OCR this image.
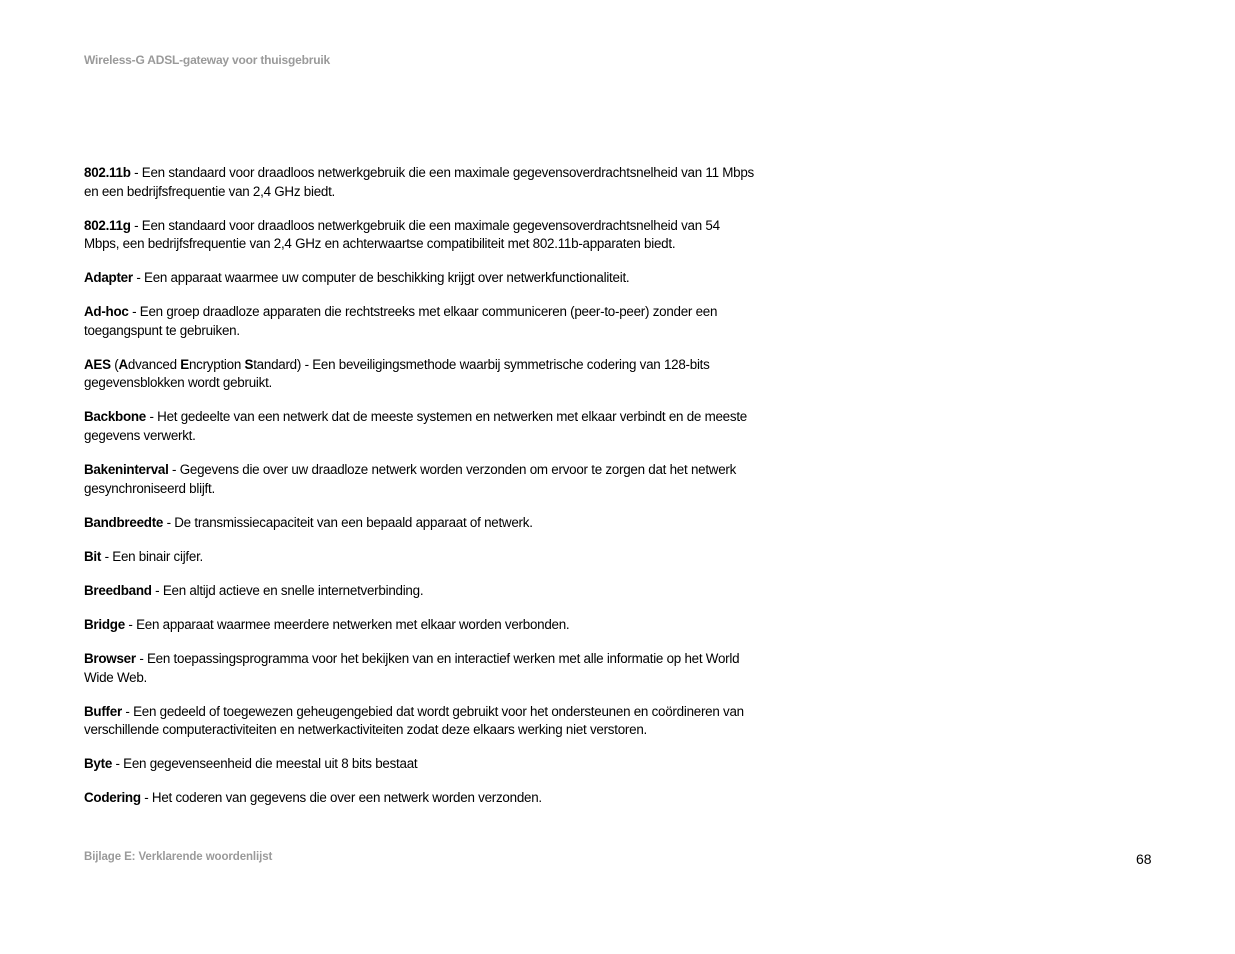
Wireless-G ADSL-gateway voor thuisgebruik
802.11b - Een standaard voor draadloos netwerkgebruik die een maximale gegevensoverdrachtsnelheid van 11 Mbps en een bedrijfsfrequentie van 2,4 GHz biedt.
802.11g - Een standaard voor draadloos netwerkgebruik die een maximale gegevensoverdrachtsnelheid van 54 Mbps, een bedrijfsfrequentie van 2,4 GHz en achterwaartse compatibiliteit met 802.11b-apparaten biedt.
Adapter - Een apparaat waarmee uw computer de beschikking krijgt over netwerkfunctionaliteit.
Ad-hoc - Een groep draadloze apparaten die rechtstreeks met elkaar communiceren (peer-to-peer) zonder een toegangspunt te gebruiken.
AES (Advanced Encryption Standard) - Een beveiligingsmethode waarbij symmetrische codering van 128-bits gegevensblokken wordt gebruikt.
Backbone - Het gedeelte van een netwerk dat de meeste systemen en netwerken met elkaar verbindt en de meeste gegevens verwerkt.
Bakeninterval - Gegevens die over uw draadloze netwerk worden verzonden om ervoor te zorgen dat het netwerk gesynchroniseerd blijft.
Bandbreedte - De transmissiecapaciteit van een bepaald apparaat of netwerk.
Bit - Een binair cijfer.
Breedband - Een altijd actieve en snelle internetverbinding.
Bridge - Een apparaat waarmee meerdere netwerken met elkaar worden verbonden.
Browser - Een toepassingsprogramma voor het bekijken van en interactief werken met alle informatie op het World Wide Web.
Buffer - Een gedeeld of toegewezen geheugengebied dat wordt gebruikt voor het ondersteunen en coördineren van verschillende computeractiviteiten en netwerkactiviteiten zodat deze elkaars werking niet verstoren.
Byte - Een gegevenseenheid die meestal uit 8 bits bestaat
Codering - Het coderen van gegevens die over een netwerk worden verzonden.
Bijlage E: Verklarende woordenlijst	68
